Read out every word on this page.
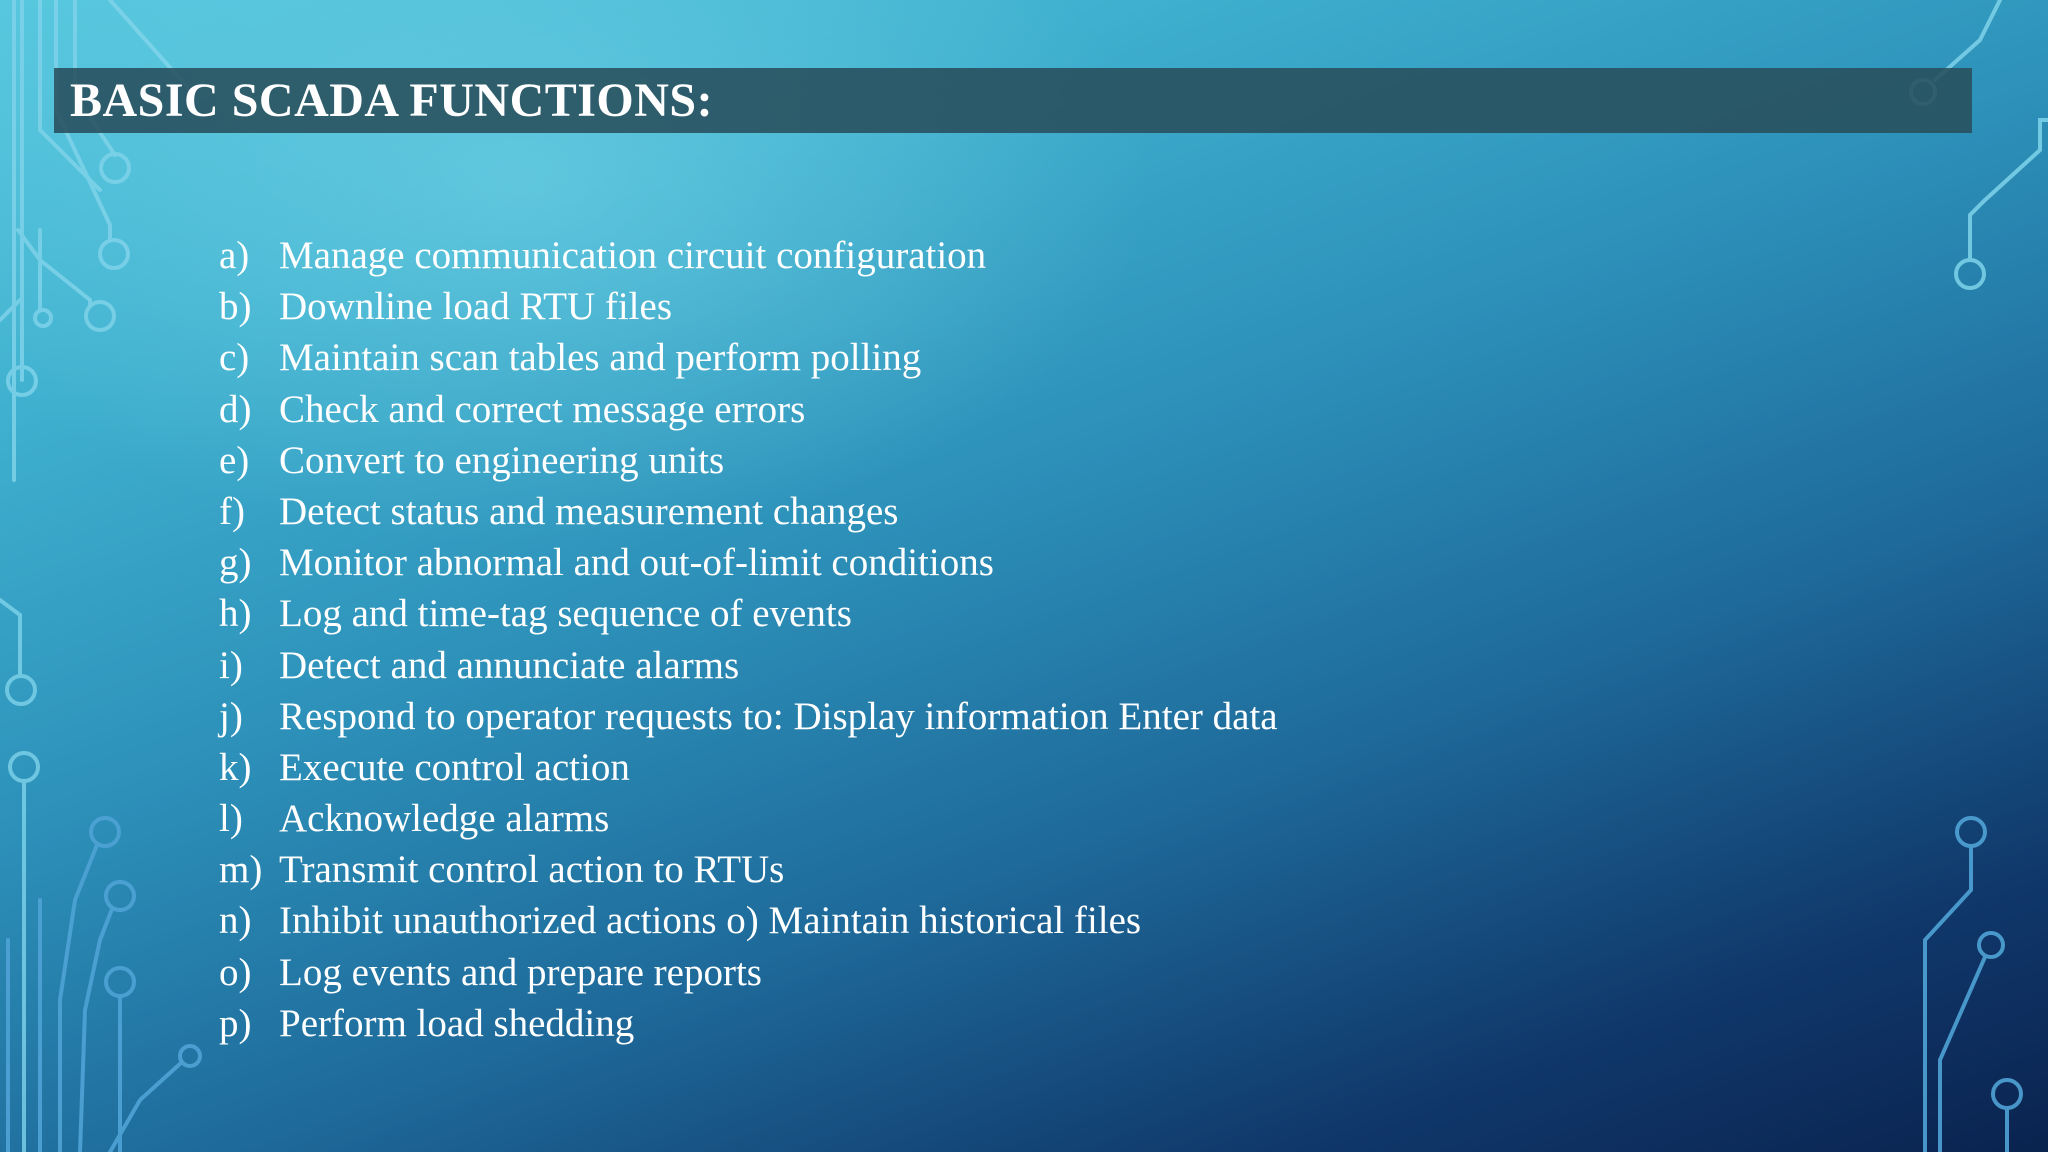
BASIC SCADA FUNCTIONS:
a) Manage communication circuit configuration
b) Downline load RTU files
c) Maintain scan tables and perform polling
d) Check and correct message errors
e) Convert to engineering units
f) Detect status and measurement changes
g) Monitor abnormal and out-of-limit conditions
h) Log and time-tag sequence of events
i) Detect and annunciate alarms
j) Respond to operator requests to: Display information Enter data
k) Execute control action
l) Acknowledge alarms
m) Transmit control action to RTUs
n) Inhibit unauthorized actions o) Maintain historical files
o) Log events and prepare reports
p) Perform load shedding
